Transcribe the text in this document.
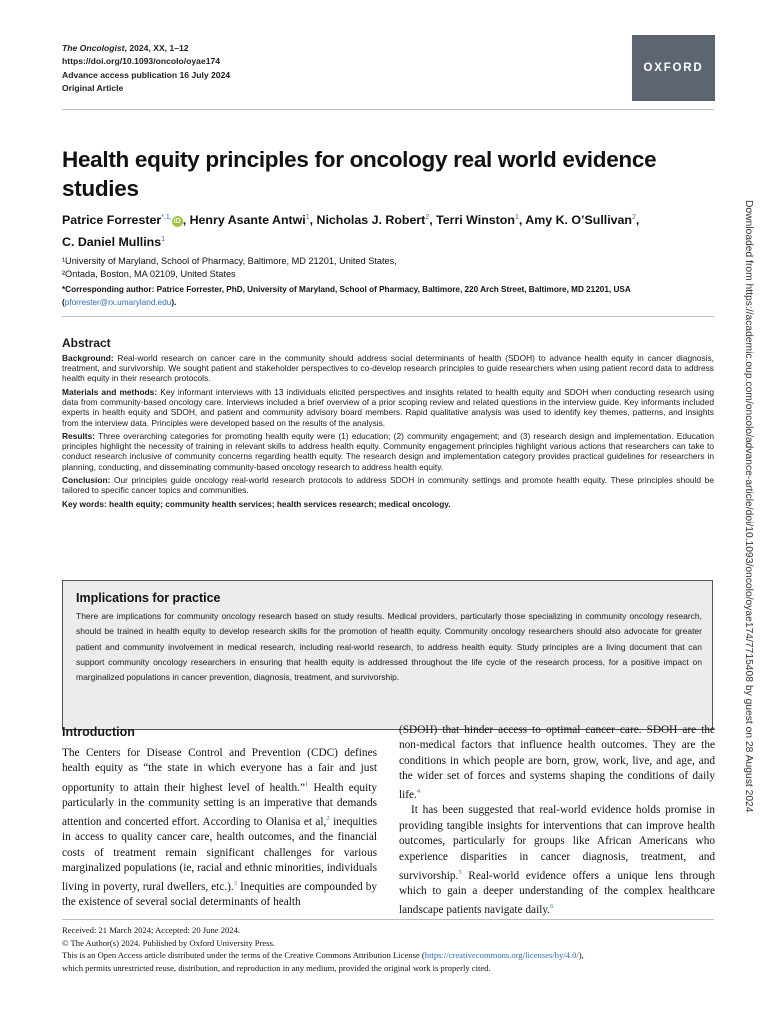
The Oncologist, 2024, XX, 1–12
https://doi.org/10.1093/oncolo/oyae174
Advance access publication 16 July 2024
Original Article
OXFORD
Health equity principles for oncology real world evidence studies
Patrice Forrester$^{*,1,}$iD , Henry Asante Antwi$^1$, Nicholas J. Robert$^2$, Terri Winston$^1$, Amy K. O’Sullivan$^2$,
C. Daniel Mullins$^1$
¹University of Maryland, School of Pharmacy, Baltimore, MD 21201, United States,
²Ontada, Boston, MA 02109, United States
*Corresponding author: Patrice Forrester, PhD, University of Maryland, School of Pharmacy, Baltimore, 220 Arch Street, Baltimore, MD 21201, USA
(pforrester@rx.umaryland.edu).
Abstract

Background: Real-world research on cancer care in the community should address social determinants of health (SDOH) to advance health equity in cancer diagnosis, treatment, and survivorship. We sought patient and stakeholder perspectives to co-develop research principles to guide researchers when using patient record data to address health equity in their research protocols.

Materials and methods: Key informant interviews with 13 individuals elicited perspectives and insights related to health equity and SDOH when conducting research using data from community-based oncology care. Interviews included a brief overview of a prior scoping review and related questions in the interview guide. Key informants included experts in health equity and SDOH, and patient and community advisory board members. Rapid qualitative analysis was used to identify key themes, patterns, and insights from the interview data. Principles were developed based on the results of the analysis.

Results: Three overarching categories for promoting health equity were (1) education; (2) community engagement; and (3) research design and implementation. Education principles highlight the necessity of training in relevant skills to address health equity. Community engagement principles highlight various actions that researchers can take to conduct research inclusive of community concerns regarding health equity. The research design and implementation category provides practical guidelines for researchers in planning, conducting, and disseminating community-based oncology research to address health equity.

Conclusion: Our principles guide oncology real-world research protocols to address SDOH in community settings and promote health equity. These principles should be tailored to specific cancer topics and communities.

Key words: health equity; community health services; health services research; medical oncology.

Implications for practice
There are implications for community oncology research based on study results. Medical providers, particularly those specializing in community oncology research, should be trained in health equity to develop research skills for the promotion of health equity. Community oncology researchers should also advocate for greater patient and community involvement in medical research, including real-world research, to address health equity. Study principles are a living document that can support community oncology researchers in ensuring that health equity is addressed throughout the life cycle of the research process, for a positive impact on marginalized populations in cancer prevention, diagnosis, treatment, and survivorship.
Introduction

The Centers for Disease Control and Prevention (CDC) defines health equity as “the state in which everyone has a fair and just opportunity to attain their highest level of health.”$^1$ Health equity particularly in the community setting is an imperative that demands attention and concerted effort. According to Olanisa et al,$^2$ inequities in access to quality cancer care, health outcomes, and the financial costs of treatment remain significant challenges for various marginalized populations (ie, racial and ethnic minorities, individuals living in poverty, rural dwellers, etc.).$^3$ Inequities are compounded by the existence of several social determinants of health

(SDOH) that hinder access to optimal cancer care. SDOH are the non-medical factors that influence health outcomes. They are the conditions in which people are born, grow, work, live, and age, and the wider set of forces and systems shaping the conditions of daily life.$^4$

It has been suggested that real-world evidence holds promise in providing tangible insights for interventions that can improve health outcomes, particularly for groups like African Americans who experience disparities in cancer diagnosis, treatment, and survivorship.$^5$ Real-world evidence offers a unique lens through which to gain a deeper understanding of the complex healthcare landscape patients navigate daily.$^6$

Received: 21 March 2024; Accepted: 20 June 2024.
© The Author(s) 2024. Published by Oxford University Press.
This is an Open Access article distributed under the terms of the Creative Commons Attribution License (https://creativecommons.org/licenses/by/4.0/),
which permits unrestricted reuse, distribution, and reproduction in any medium, provided the original work is properly cited.
Downloaded from https://academic.oup.com/oncolo/advance-article/doi/10.1093/oncolo/oyae174/7715408 by guest on 28 August 2024
